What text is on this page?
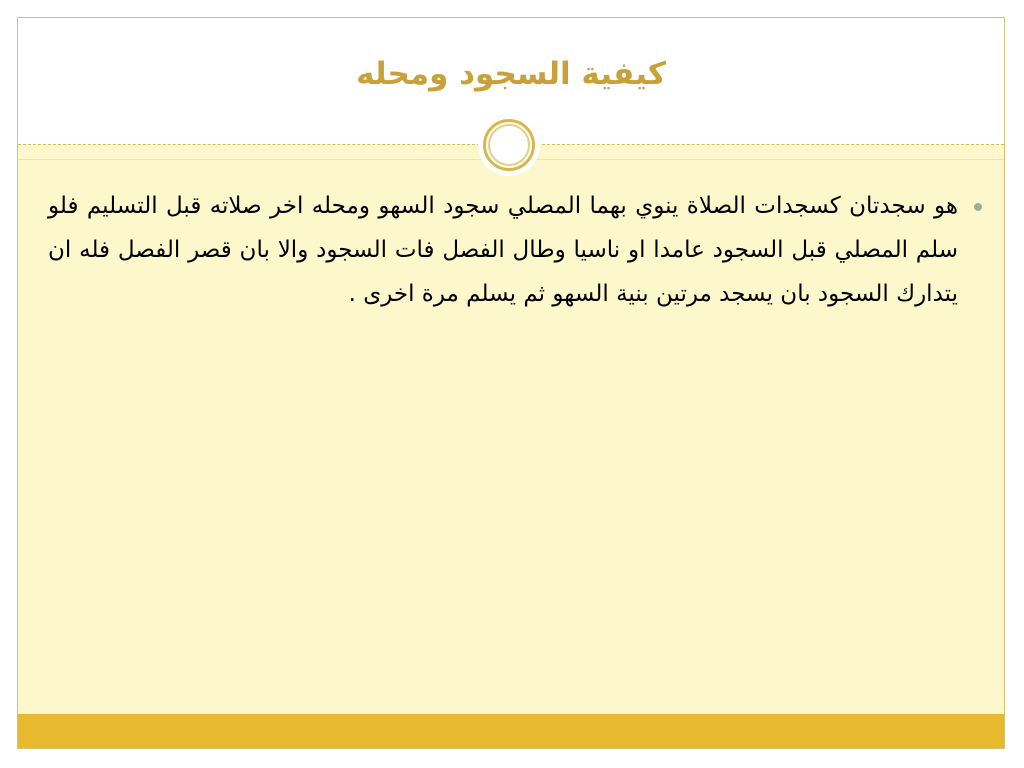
كيفية السجود ومحله
هو سجدتان كسجدات الصلاة ينوي بهما المصلي سجود السهو ومحله اخر صلاته قبل التسليم فلو سلم المصلي قبل السجود عامدا او ناسيا وطال الفصل فات السجود والا بان قصر الفصل فله ان يتدارك السجود بان يسجد مرتين بنية السهو ثم يسلم مرة اخرى .
